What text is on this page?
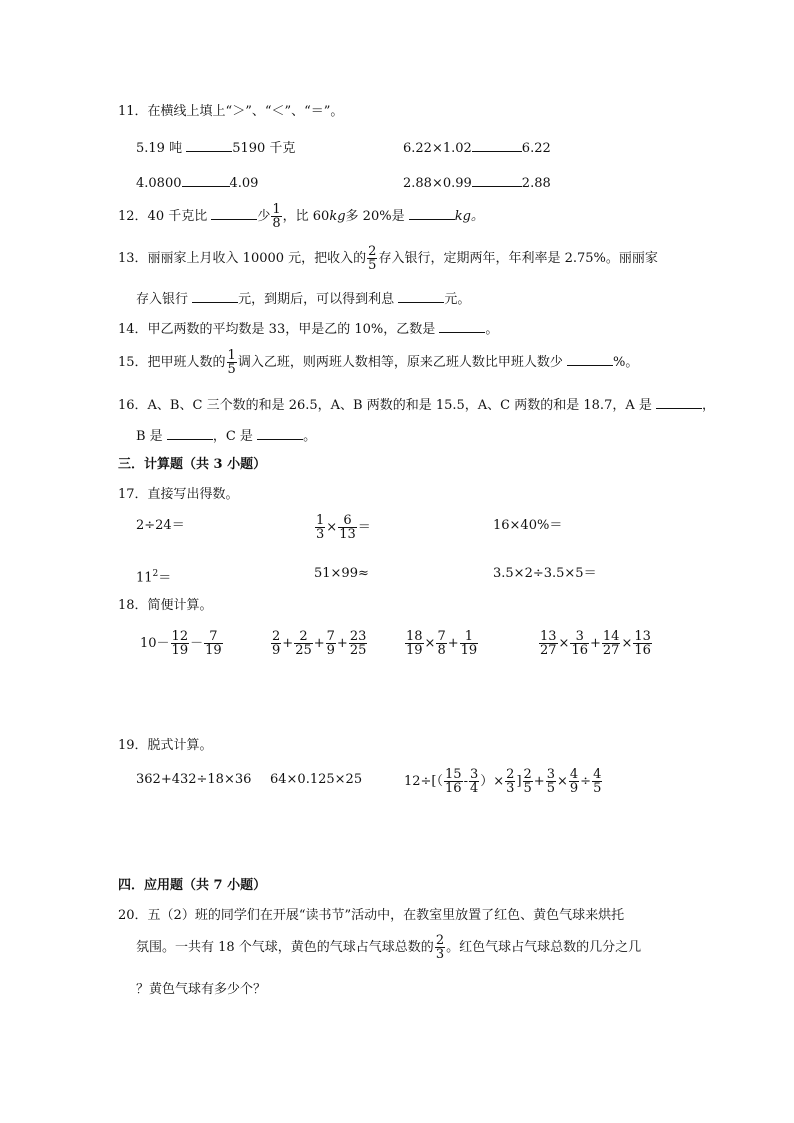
11．在横线上填上“＞”、“＜”、“＝”。
5.19 吨	5190 千克	6.22×1.02	6.22
4.0800	4.09	2.88×0.99	2.88
12．40 千克比	少 $\frac{1}{8}$ ，比 60kg多 20%是	kg。
13．丽丽家上月收入 10000 元，把收入的 $\frac{2}{5}$ 存入银行，定期两年，年利率是 2.75%。丽丽家
存入银行	元，到期后，可以得到利息	元。
14．甲乙两数的平均数是 33，甲是乙的 10%，乙数是	。
15．把甲班人数的 $\frac{1}{5}$ 调入乙班，则两班人数相等，原来乙班人数比甲班人数少	%。
16．A、B、C 三个数的和是 26.5，A、B 两数的和是 15.5，A、C 两数的和是 18.7，A 是	，
B 是	，C 是	。
三．计算题（共 3 小题）
17．直接写出得数。
2÷24＝	$\frac{1}{3} \times \frac{6}{13}$ ＝	16×40%＝
$11^2=$	51×99≈	3.5×2÷3.5×5＝
18．简便计算。
$10- \frac{12}{19} - \frac{7}{19}$	$\frac{2}{9} + \frac{2}{25} + \frac{7}{9} + \frac{23}{25}$	$\frac{18}{19} \times \frac{7}{8} + \frac{1}{19}$	$\frac{13}{27} \times \frac{3}{16} + \frac{14}{27} \times \frac{13}{16}$
19．脱式计算。
362+432÷18×36 64×0.125×25	$12\div[( \frac{15}{16} - \frac{3}{4}$ ）× $\frac{2}{3}$ ] $\frac{2}{5} + \frac{3}{5} \times \frac{4}{9} \div \frac{4}{5}$
四．应用题（共 7 小题）
20．五（2）班的同学们在开展“读书节”活动中，在教室里放置了红色、黄色气球来烘托
氛围。一共有 18 个气球，黄色的气球占气球总数的 $\frac{2}{3}$ 。红色气球占气球总数的几分之几
？黄色气球有多少个？
